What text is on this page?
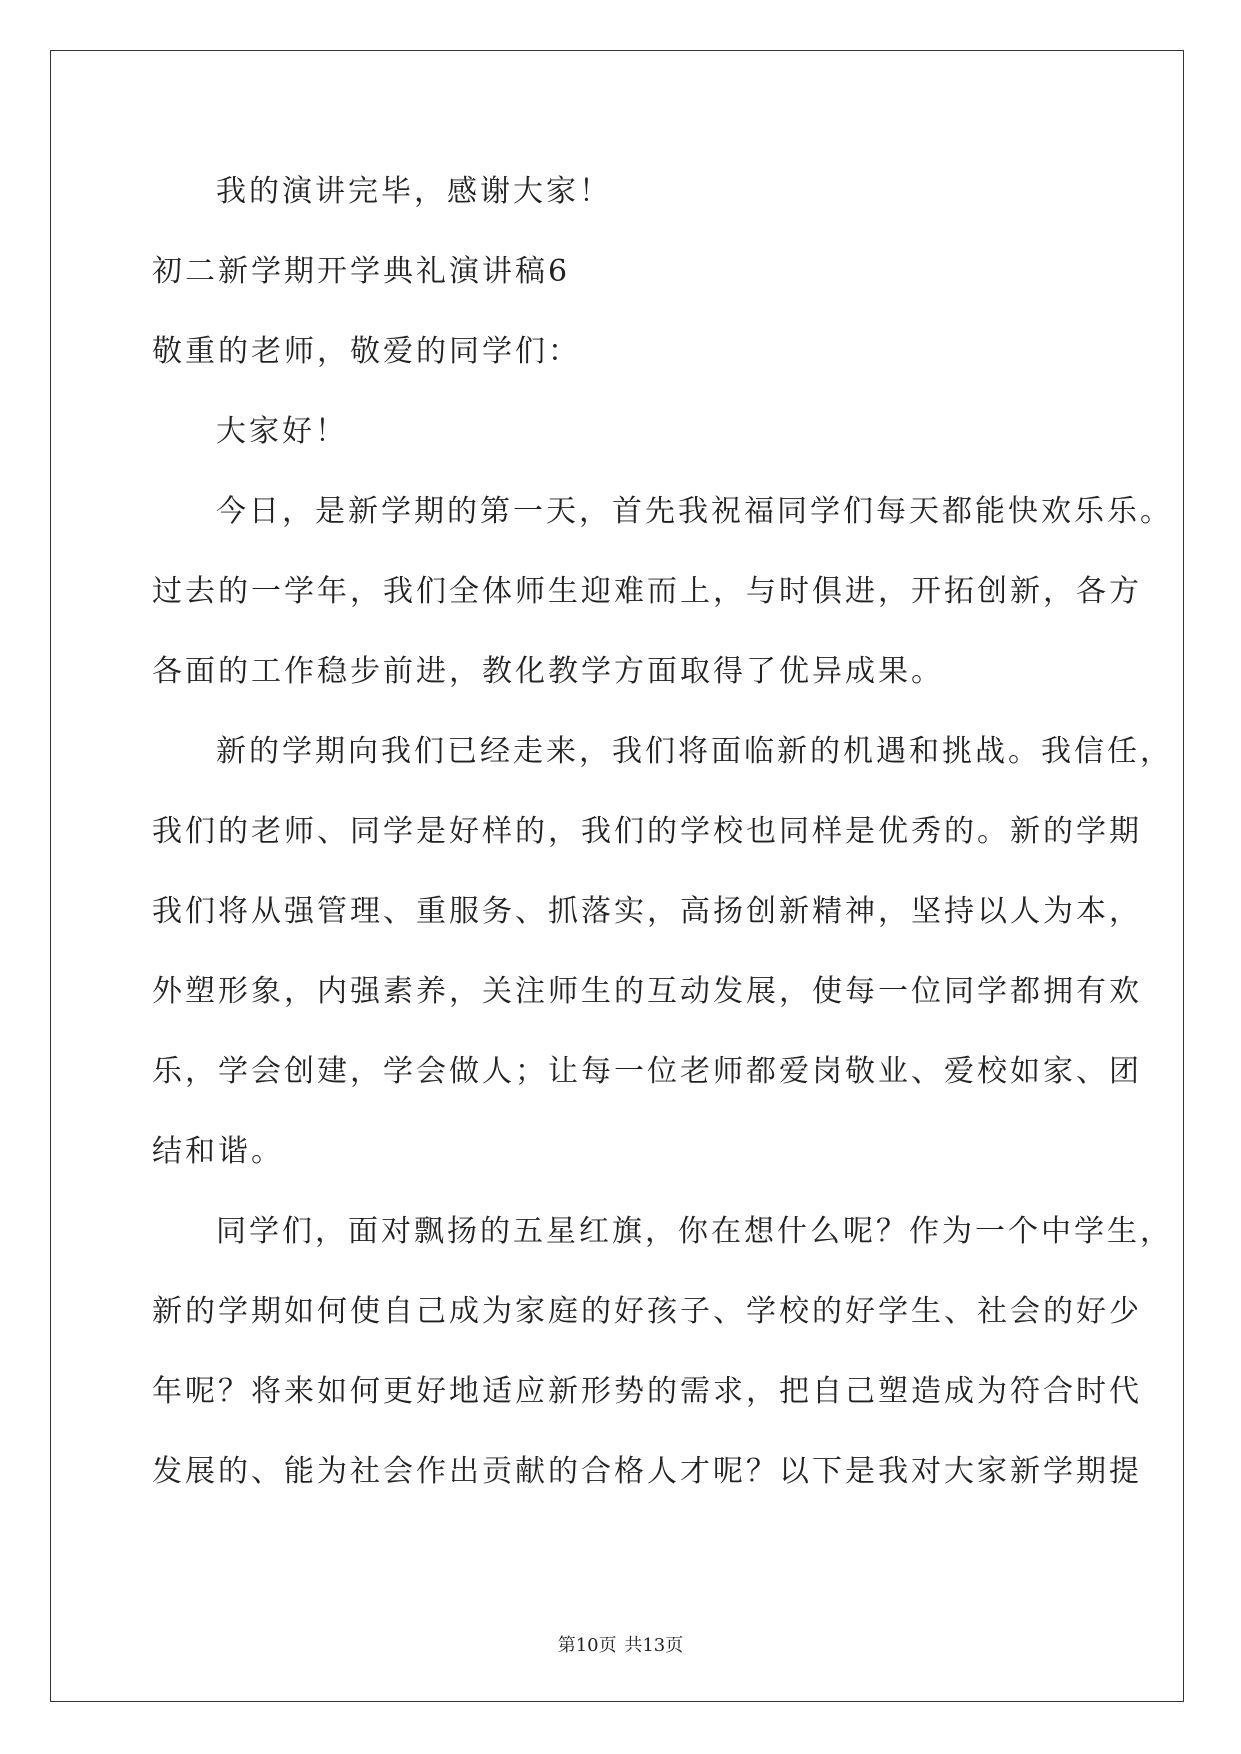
我的演讲完毕，感谢大家！
初二新学期开学典礼演讲稿6
敬重的老师，敬爱的同学们：
大家好！
今日，是新学期的第一天，首先我祝福同学们每天都能快欢乐乐。
过去的一学年，我们全体师生迎难而上，与时俱进，开拓创新，各方
各面的工作稳步前进，教化教学方面取得了优异成果。
新的学期向我们已经走来，我们将面临新的机遇和挑战。我信任，
我们的老师、同学是好样的，我们的学校也同样是优秀的。新的学期
我们将从强管理、重服务、抓落实，高扬创新精神，坚持以人为本，
外塑形象，内强素养，关注师生的互动发展，使每一位同学都拥有欢
乐，学会创建，学会做人；让每一位老师都爱岗敬业、爱校如家、团
结和谐。
同学们，面对飘扬的五星红旗，你在想什么呢？作为一个中学生，
新的学期如何使自己成为家庭的好孩子、学校的好学生、社会的好少
年呢？将来如何更好地适应新形势的需求，把自己塑造成为符合时代
发展的、能为社会作出贡献的合格人才呢？以下是我对大家新学期提
第10页 共13页
